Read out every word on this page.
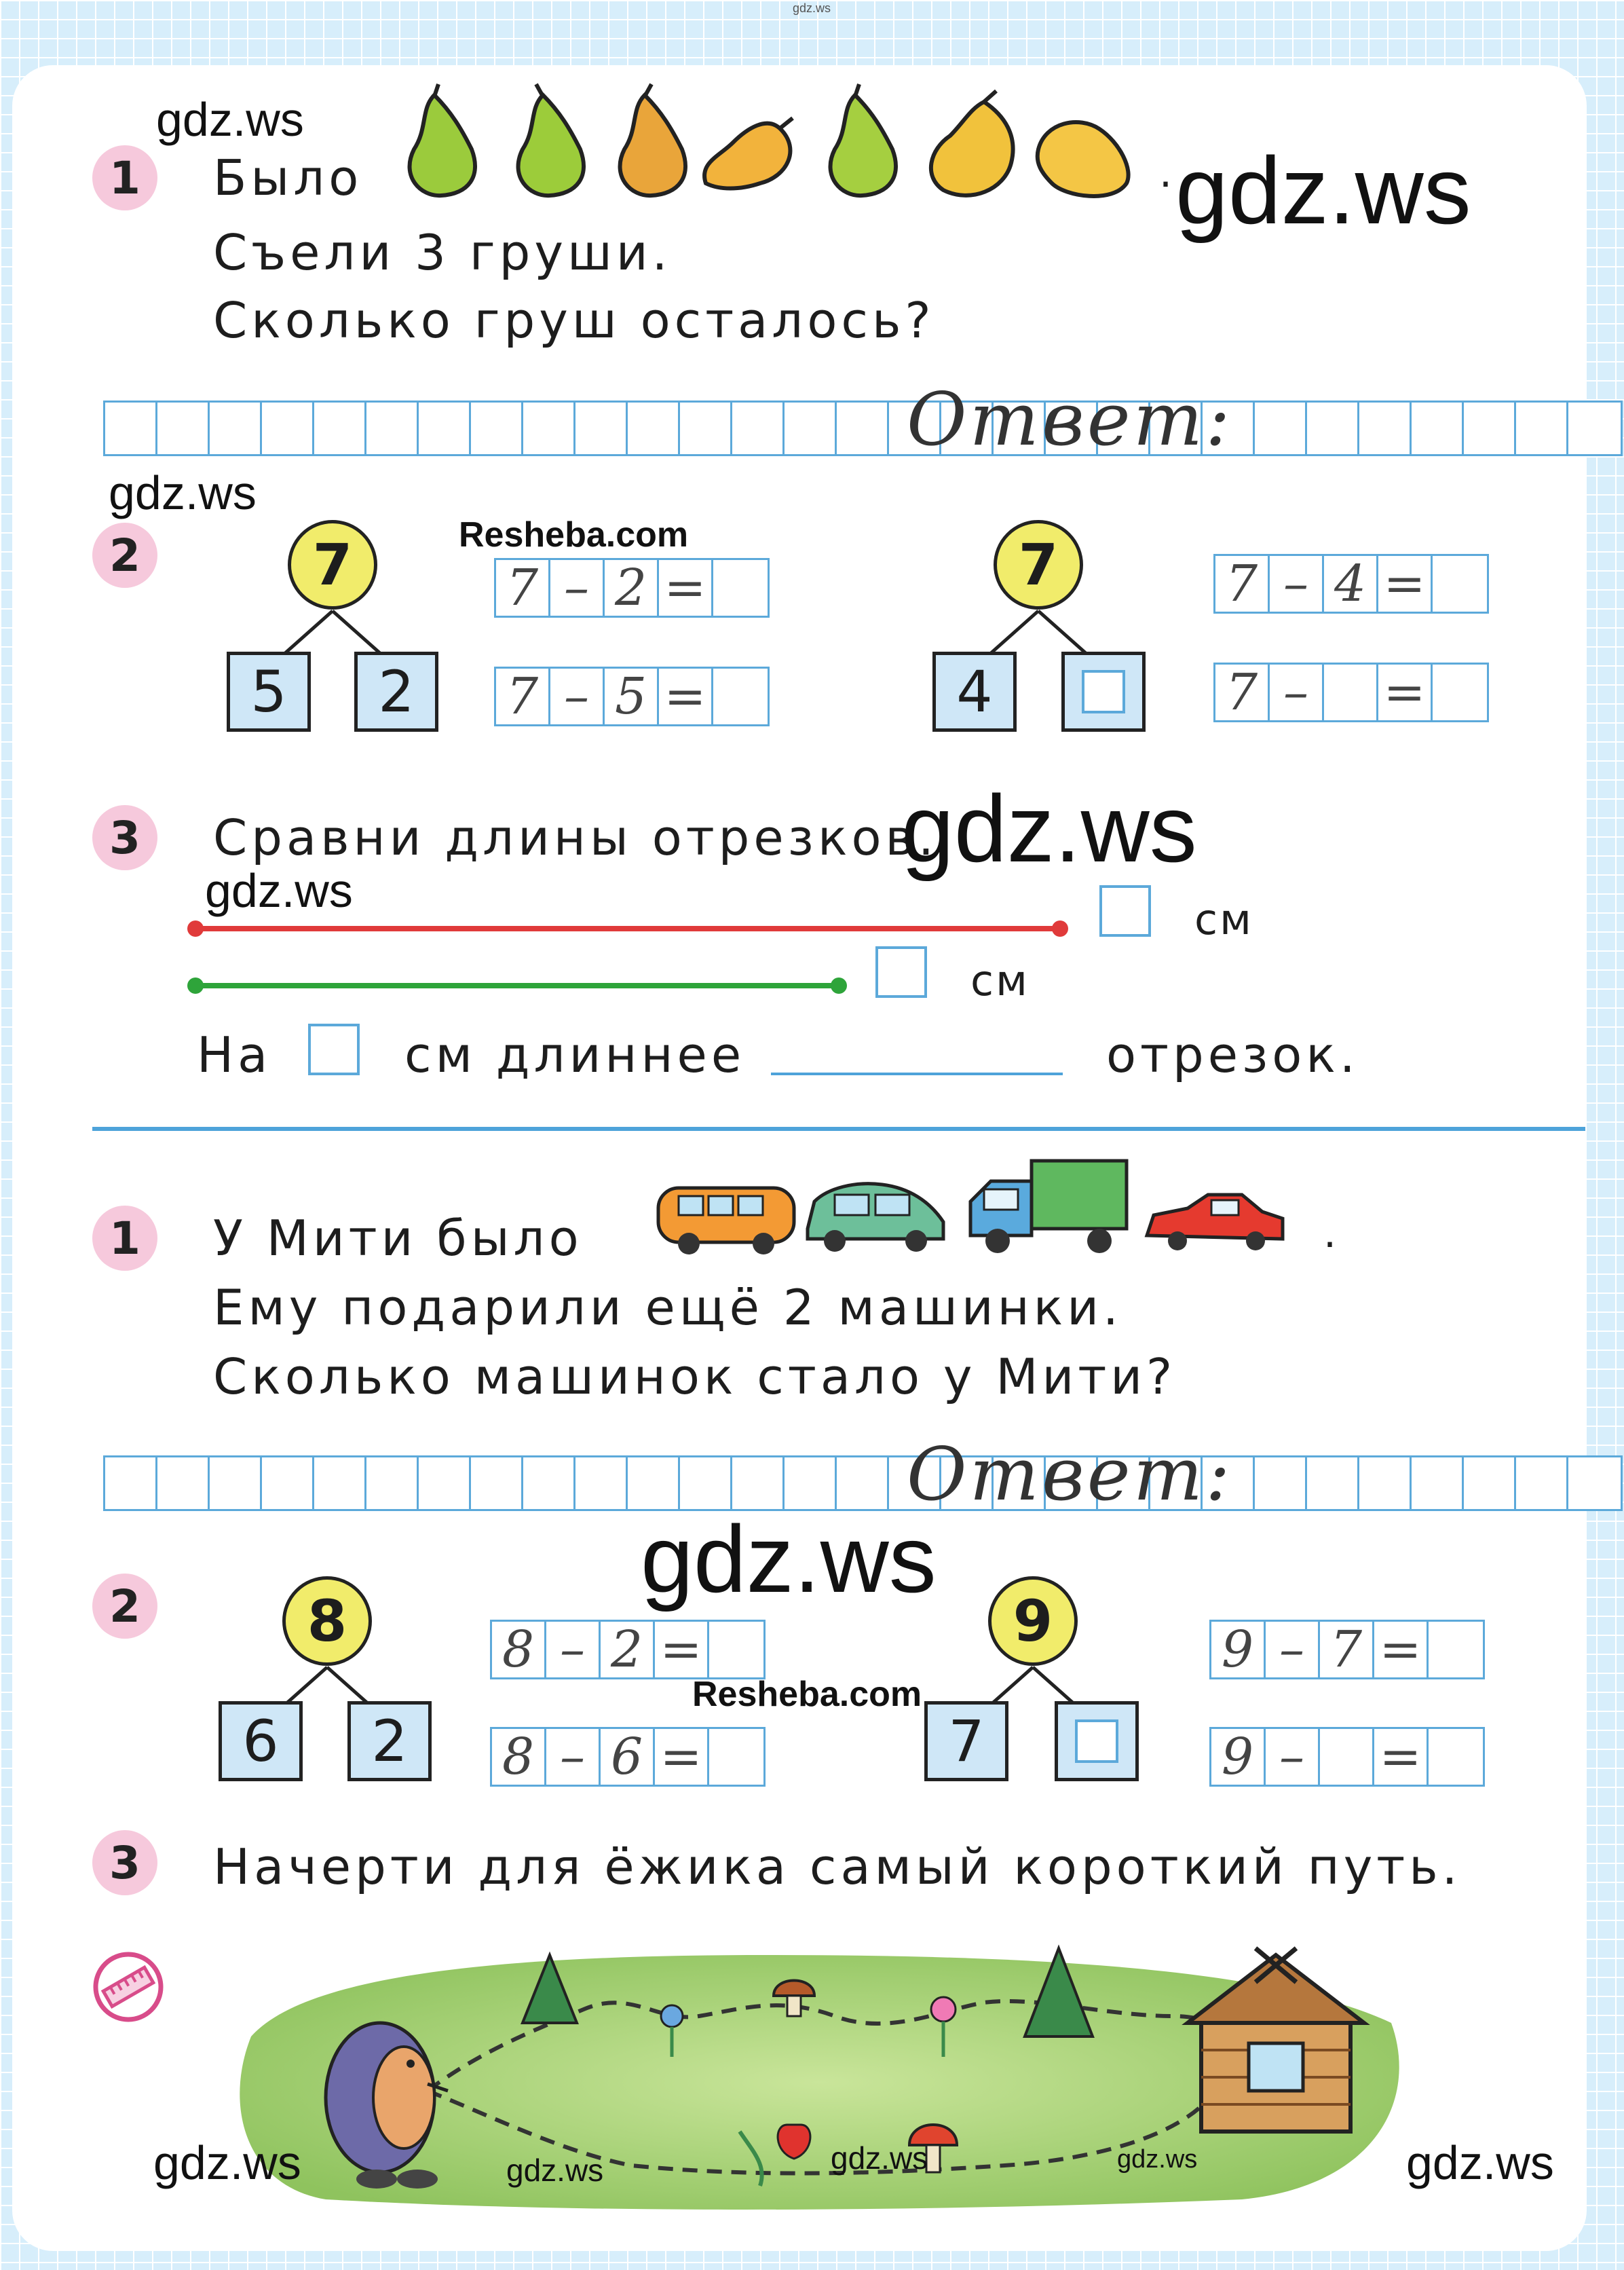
gdz.ws
1	Было	.
Съели 3 груши.
Сколько груш осталось?
Ответ:
2	7
5	2
7 – 2 =
7 – 5 =
7
4
7 – 4 =
7 –	=
3	Сравни длины отрезков.
см
см
На	см длиннее	отрезок.
1	У Мити было	.
Ему подарили ещё 2 машинки.
Сколько машинок стало у Мити?
Ответ:
2	8
6	2
8 – 2 =
8 – 6 =
9
7
9 – 7 =
9 –	=
3	Начерти для ёжика самый короткий путь.
gdz.ws
gdz.ws
gdz.ws
Resheba.com
gdz.ws
gdz.ws
gdz.ws
Resheba.com
gdz.ws	gdz.ws	gdz.ws	gdz.ws	gdz.ws
